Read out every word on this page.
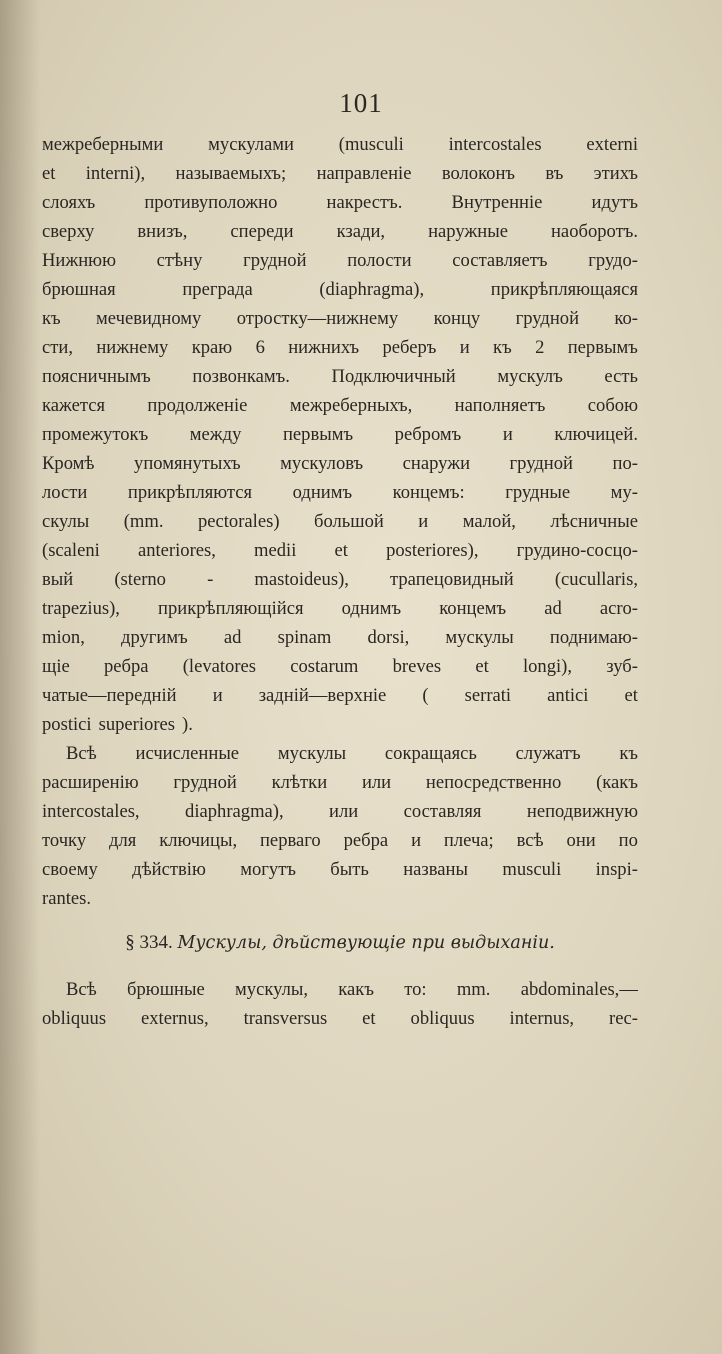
101
межреберными мускулами (musculi intercostales externi
et interni), называемыхъ; направленіе волоконъ въ этихъ
слояхъ	противуположно	накрестъ.	Внутренніе	идутъ
сверху внизъ, спереди кзади, наружные наоборотъ.
Нижнюю стѣну грудной полости составляетъ грудо-
брюшная	преграда	(diaphragma),	прикрѣпляющаяся
къ мечевидному отростку—нижнему концу грудной ко-
сти, нижнему краю 6 нижнихъ реберъ и къ 2 первымъ
поясничнымъ позвонкамъ. Подключичный мускулъ есть
кажется продолженіе межреберныхъ, наполняетъ собою
промежутокъ между первымъ ребромъ и ключицей.
Кромѣ упомянутыхъ мускуловъ снаружи грудной по-
лости прикрѣпляются однимъ концемъ: грудные му-
скулы (mm. pectorales) большой и малой, лѣсничные
(scaleni anteriores, medii et posteriores), грудино-сосцо-
вый (sterno - mastoideus), трапецовидный (cucullaris,
trapezius), прикрѣпляющійся однимъ концемъ ad acro-
mion, другимъ ad spinam dorsi, мускулы поднимаю-
щіе ребра (levatores costarum breves et longi), зуб-
чатые—передній и задній—верхніе ( serrati antici et
postici superiores ).
Всѣ исчисленные мускулы сокращаясь служатъ къ
расширенію грудной клѣтки или непосредственно (какъ
intercostales, diaphragma), или составляя неподвижную
точку для ключицы, перваго ребра и плеча; всѣ они по
своему дѣйствію могутъ быть названы musculi inspi-
rantes.
§ 334. Мускулы, дѣйствующіе при выдыханіи.
Всѣ брюшные мускулы, какъ то: mm. abdominales,—
obliquus externus, transversus et obliquus internus, rec-
